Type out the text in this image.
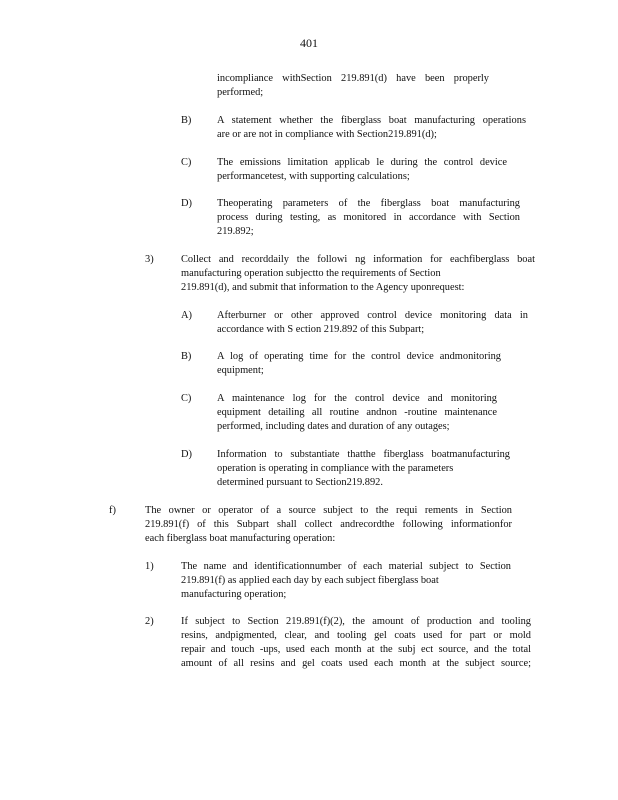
401
incompliance withSection 219.891(d) have been properly
performed;
B) A statement whether the fiberglass boat manufacturing operations
are or are not in compliance with Section219.891(d);
C) The emissions limitation applicab le during the control device
performancetest, with supporting calculations;
D) Theoperating parameters of the fiberglass boat manufacturing
process during testing, as monitored in accordance with Section
219.892;
3)	Collect and recorddaily the followi ng information for eachfiberglass boat
manufacturing operation subjectto the requirements of Section
219.891(d), and submit that information to the Agency uponrequest:
A) Afterburner or other approved control device monitoring data in
accordance with S ection 219.892 of this Subpart;
B) A log of operating time for the control device andmonitoring
equipment;
C) A maintenance log for the control device and monitoring
equipment detailing all routine andnon -routine maintenance
performed, including dates and duration of any outages;
D) Information to substantiate thatthe fiberglass boatmanufacturing
operation is operating in compliance with the parameters
determined pursuant to Section219.892.
f)	The owner or operator of a source subject to the requi rements in Section
219.891(f) of this Subpart shall collect andrecordthe following informationfor
each fiberglass boat manufacturing operation:
1)	The name and identificationnumber of each material subject to Section
219.891(f) as applied each day by each subject fiberglass boat
manufacturing operation;
2)	If subject to Section 219.891(f)(2), the amount of production and tooling
resins, andpigmented, clear, and tooling gel coats used for part or mold
repair and touch -ups, used each month at the subj ect source, and the total
amount of all resins and gel coats used each month at the subject source;
